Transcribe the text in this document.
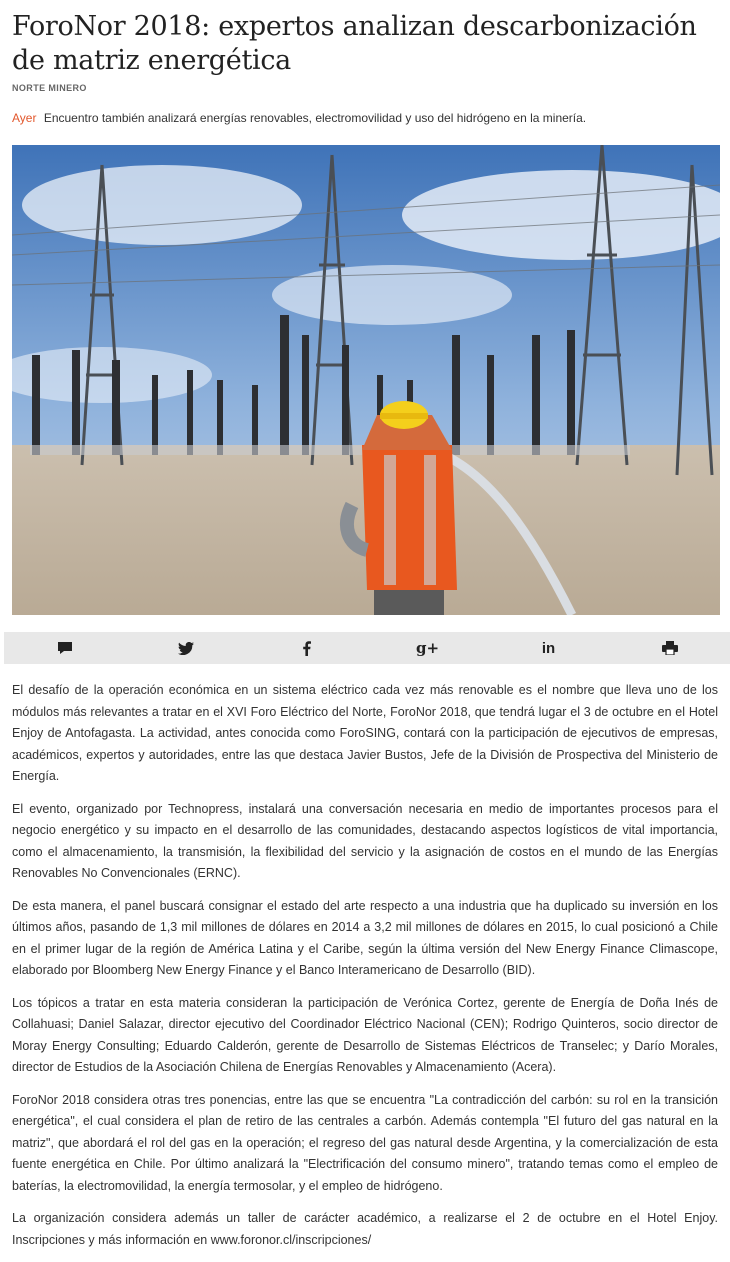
ForoNor 2018: expertos analizan descarbonización de matriz energética
NORTE MINERO
Ayer Encuentro también analizará energías renovables, electromovilidad y uso del hidrógeno en la minería.
g+	in

El desafío de la operación económica en un sistema eléctrico cada vez más renovable es el nombre que lleva uno de los módulos más relevantes a tratar en el XVI Foro Eléctrico del Norte, ForoNor 2018, que tendrá lugar el 3 de octubre en el Hotel Enjoy de Antofagasta. La actividad, antes conocida como ForoSING, contará con la participación de ejecutivos de empresas, académicos, expertos y autoridades, entre las que destaca Javier Bustos, Jefe de la División de Prospectiva del Ministerio de Energía.

El evento, organizado por Technopress, instalará una conversación necesaria en medio de importantes procesos para el negocio energético y su impacto en el desarrollo de las comunidades, destacando aspectos logísticos de vital importancia, como el almacenamiento, la transmisión, la flexibilidad del servicio y la asignación de costos en el mundo de las Energías Renovables No Convencionales (ERNC).

De esta manera, el panel buscará consignar el estado del arte respecto a una industria que ha duplicado su inversión en los últimos años, pasando de 1,3 mil millones de dólares en 2014 a 3,2 mil millones de dólares en 2015, lo cual posicionó a Chile en el primer lugar de la región de América Latina y el Caribe, según la última versión del New Energy Finance Climascope, elaborado por Bloomberg New Energy Finance y el Banco Interamericano de Desarrollo (BID).

Los tópicos a tratar en esta materia consideran la participación de Verónica Cortez, gerente de Energía de Doña Inés de Collahuasi; Daniel Salazar, director ejecutivo del Coordinador Eléctrico Nacional (CEN); Rodrigo Quinteros, socio director de Moray Energy Consulting; Eduardo Calderón, gerente de Desarrollo de Sistemas Eléctricos de Transelec; y Darío Morales, director de Estudios de la Asociación Chilena de Energías Renovables y Almacenamiento (Acera).

ForoNor 2018 considera otras tres ponencias, entre las que se encuentra "La contradicción del carbón: su rol en la transición energética", el cual considera el plan de retiro de las centrales a carbón. Además contempla "El futuro del gas natural en la matriz", que abordará el rol del gas en la operación; el regreso del gas natural desde Argentina, y la comercialización de esta fuente energética en Chile. Por último analizará la "Electrificación del consumo minero", tratando temas como el empleo de baterías, la electromovilidad, la energía termosolar, y el empleo de hidrógeno.

La organización considera además un taller de carácter académico, a realizarse el 2 de octubre en el Hotel Enjoy. Inscripciones y más información en www.foronor.cl/inscripciones/
